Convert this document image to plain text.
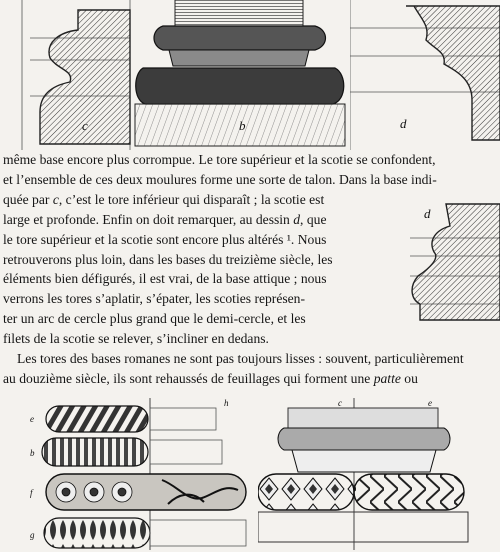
c	b	d
d
même base encore plus corrompue. Le tore supérieur et la scotie se confondent,
et l’ensemble de ces deux moulures forme une sorte de talon. Dans la base indi-
quée par c, c’est le tore inférieur qui disparaît ; la scotie est
large et profonde. Enfin on doit remarquer, au dessin d, que
le tore supérieur et la scotie sont encore plus altérés ¹. Nous
retrouverons plus loin, dans les bases du treizième siècle, les
éléments bien défigurés, il est vrai, de la base attique ; nous
verrons les tores s’aplatir, s’épater, les scoties représen-
ter un arc de cercle plus grand que le demi-cercle, et les
filets de la scotie se relever, s’incliner en dedans.
Les tores des bases romanes ne sont pas toujours lisses : souvent, particulièrement
au douzième siècle, ils sont rehaussés de feuillages qui forment une patte ou
e
b
f
g
h	c	e
